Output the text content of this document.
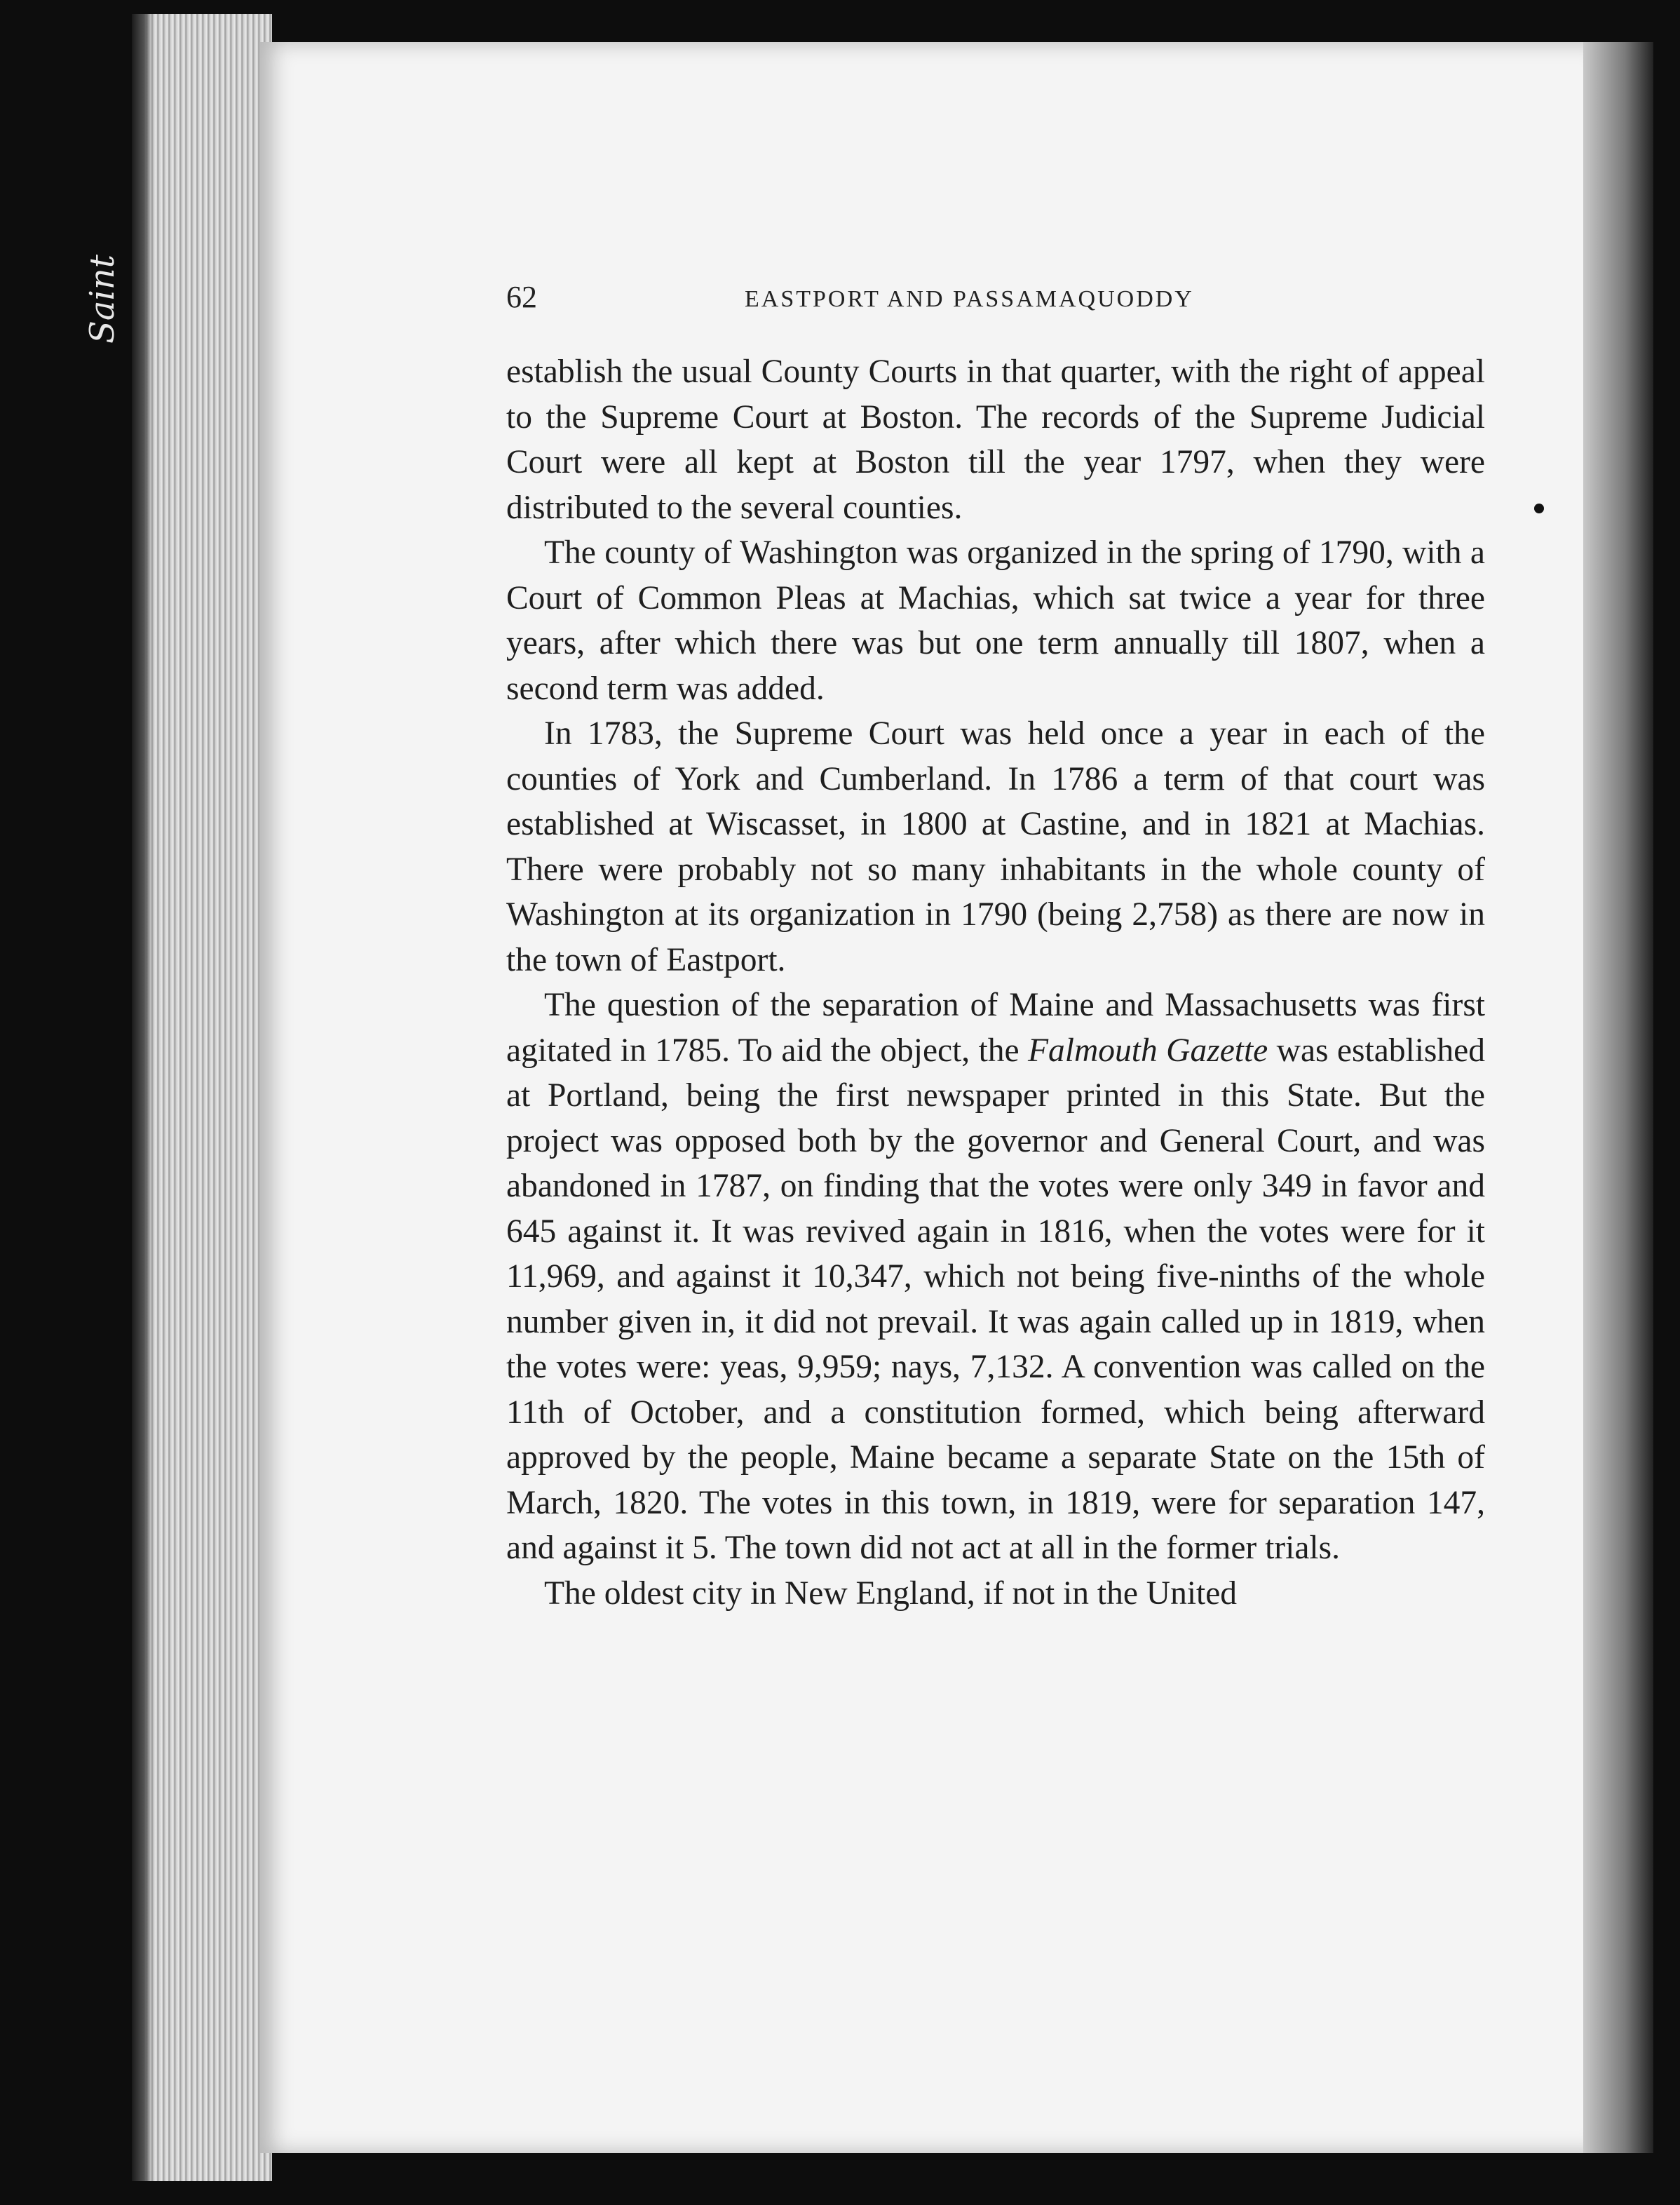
Saint	62	EASTPORT AND PASSAMAQUODDY

establish the usual County Courts in that quarter, with the right of appeal to the Supreme Court at Boston. The records of the Supreme Judicial Court were all kept at Boston till the year 1797, when they were distributed to the several counties.

The county of Washington was organized in the spring of 1790, with a Court of Common Pleas at Machias, which sat twice a year for three years, after which there was but one term annually till 1807, when a second term was added.

In 1783, the Supreme Court was held once a year in each of the counties of York and Cumberland. In 1786 a term of that court was established at Wiscasset, in 1800 at Castine, and in 1821 at Machias. There were probably not so many inhabitants in the whole county of Washington at its organization in 1790 (being 2,758) as there are now in the town of Eastport.

The question of the separation of Maine and Massachusetts was first agitated in 1785. To aid the object, the Falmouth Gazette was established at Portland, being the first newspaper printed in this State. But the project was opposed both by the governor and General Court, and was abandoned in 1787, on finding that the votes were only 349 in favor and 645 against it. It was revived again in 1816, when the votes were for it 11,969, and against it 10,347, which not being five-ninths of the whole number given in, it did not prevail. It was again called up in 1819, when the votes were: yeas, 9,959; nays, 7,132. A convention was called on the 11th of October, and a constitution formed, which being afterward approved by the people, Maine became a separate State on the 15th of March, 1820. The votes in this town, in 1819, were for separation 147, and against it 5. The town did not act at all in the former trials.

The oldest city in New England, if not in the United
